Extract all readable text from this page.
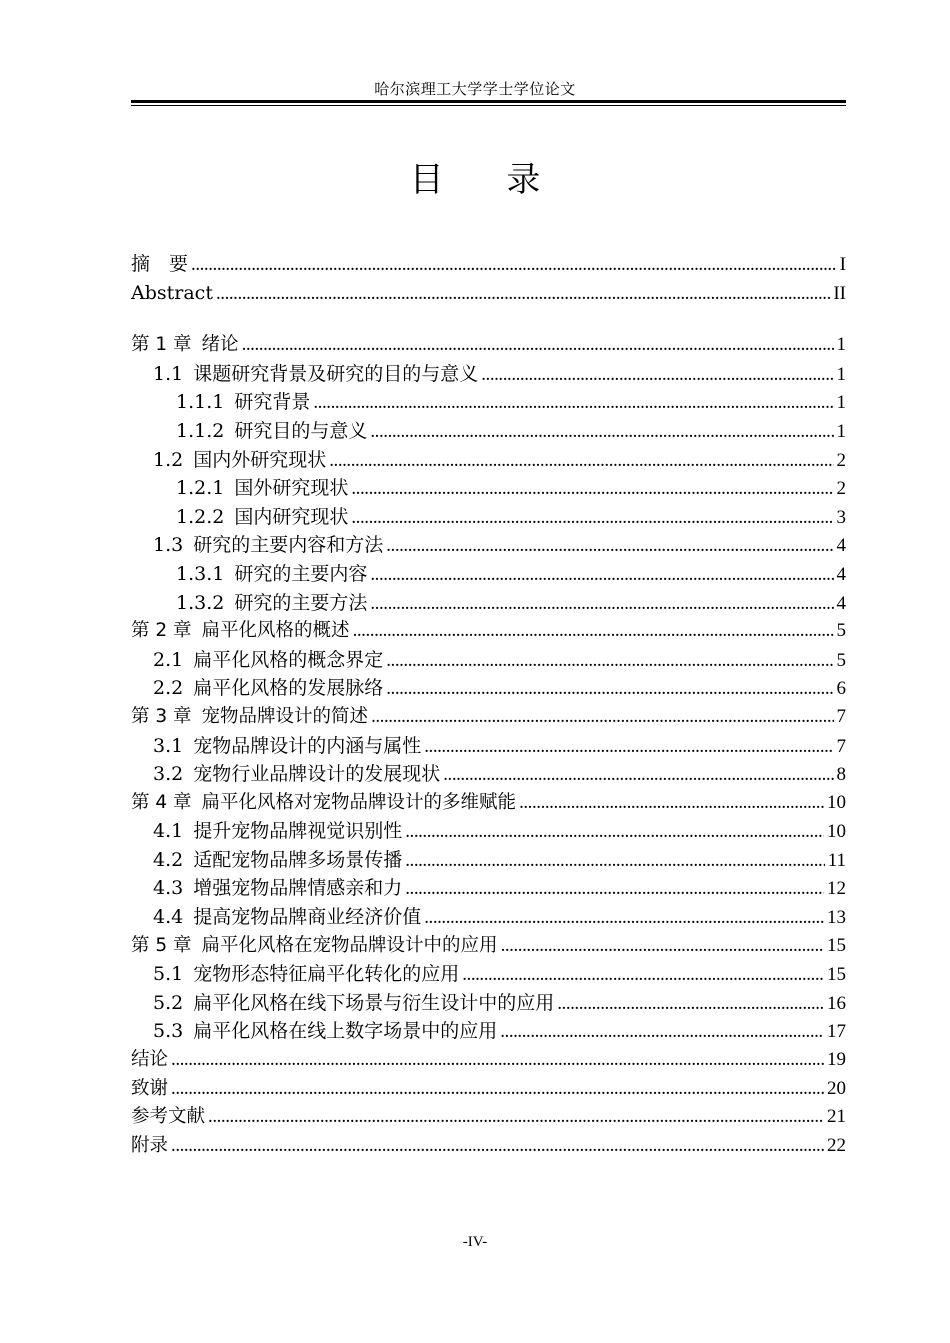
哈尔滨理工大学学士学位论文
目 录
摘　要 . . .	I
Abstract . . .	II
第 1 章 绪论 . . .	1
1.1 课题研究背景及研究的目的与意义 . . .	1
1.1.1 研究背景 . . .	1
1.1.2 研究目的与意义 . . .	1
1.2 国内外研究现状 . . .	2
1.2.1 国外研究现状 . . .	2
1.2.2 国内研究现状 . . .	3
1.3 研究的主要内容和方法 . . .	4
1.3.1 研究的主要内容 . . .	4
1.3.2 研究的主要方法 . . .	4
第 2 章 扁平化风格的概述 . . .	5
2.1 扁平化风格的概念界定 . . .	5
2.2 扁平化风格的发展脉络 . . .	6
第 3 章 宠物品牌设计的简述 . . .	7
3.1 宠物品牌设计的内涵与属性 . . .	7
3.2 宠物行业品牌设计的发展现状 . . .	8
第 4 章 扁平化风格对宠物品牌设计的多维赋能 . . .	10
4.1 提升宠物品牌视觉识别性 . . .	10
4.2 适配宠物品牌多场景传播 . . .	11
4.3 增强宠物品牌情感亲和力 . . .	12
4.4 提高宠物品牌商业经济价值 . . .	13
第 5 章 扁平化风格在宠物品牌设计中的应用 . . .	15
5.1 宠物形态特征扁平化转化的应用 . . .	15
5.2 扁平化风格在线下场景与衍生设计中的应用 . . .	16
5.3 扁平化风格在线上数字场景中的应用 . . .	17
结论 . . .	19
致谢 . . .	20
参考文献 . . .	21
附录 . . .	22
-IV-
